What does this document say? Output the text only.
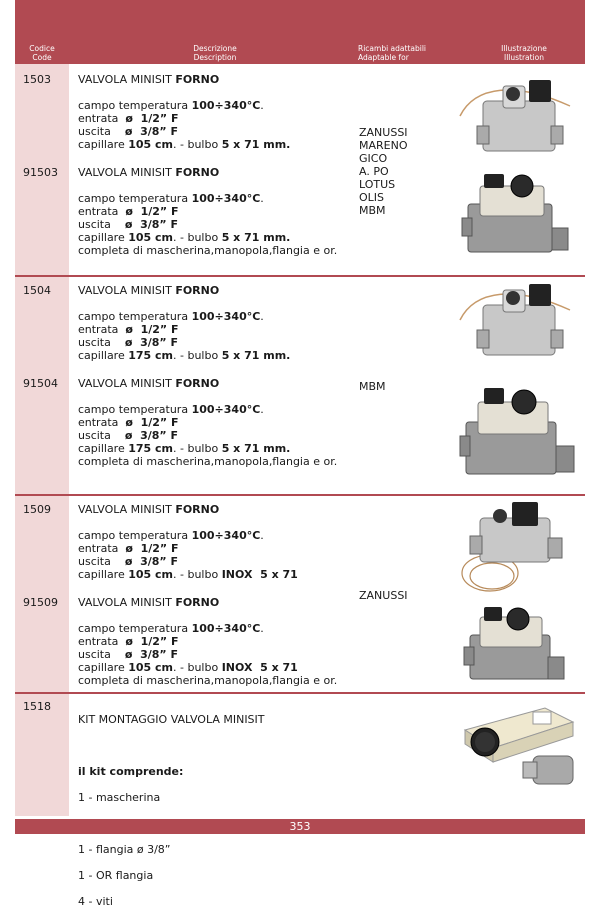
Codice
Code
Descrizione
Description
Ricambi adattabili
Adaptable for
Illustrazione
Illustration
1503 VALVOLA MINISIT FORNO
campo temperatura 100÷340°C.
entrata  ø  1/2” F
uscita    ø  3/8” F
capillare 105 cm. - bulbo 5 x 71 mm.
91503 VALVOLA MINISIT FORNO
campo temperatura 100÷340°C.
entrata  ø  1/2” F
uscita    ø  3/8” F
capillare 105 cm. - bulbo 5 x 71 mm.
completa di mascherina,manopola,flangia e or.
1504 VALVOLA MINISIT FORNO
campo temperatura 100÷340°C.
entrata  ø  1/2” F
uscita    ø  3/8” F
capillare 175 cm. - bulbo 5 x 71 mm.
91504 VALVOLA MINISIT FORNO
campo temperatura 100÷340°C.
entrata  ø  1/2” F
uscita    ø  3/8” F
capillare 175 cm. - bulbo 5 x 71 mm.
completa di mascherina,manopola,flangia e or.
1509 VALVOLA MINISIT FORNO
campo temperatura 100÷340°C.
entrata  ø  1/2” F
uscita    ø  3/8” F
capillare 105 cm. - bulbo INOX  5 x 71
91509 VALVOLA MINISIT FORNO
campo temperatura 100÷340°C.
entrata  ø  1/2” F
uscita    ø  3/8” F
capillare 105 cm. - bulbo INOX  5 x 71
completa di mascherina,manopola,flangia e or.
ZANUSSI
MARENO
GICO
A. PO
LOTUS
OLIS
MBM
MBM
ZANUSSI
1518

KIT MONTAGGIO VALVOLA MINISIT

il kit comprende:

1 - mascherina

1 - flangia ø 3/8”

1 - OR flangia

4 - viti

353
